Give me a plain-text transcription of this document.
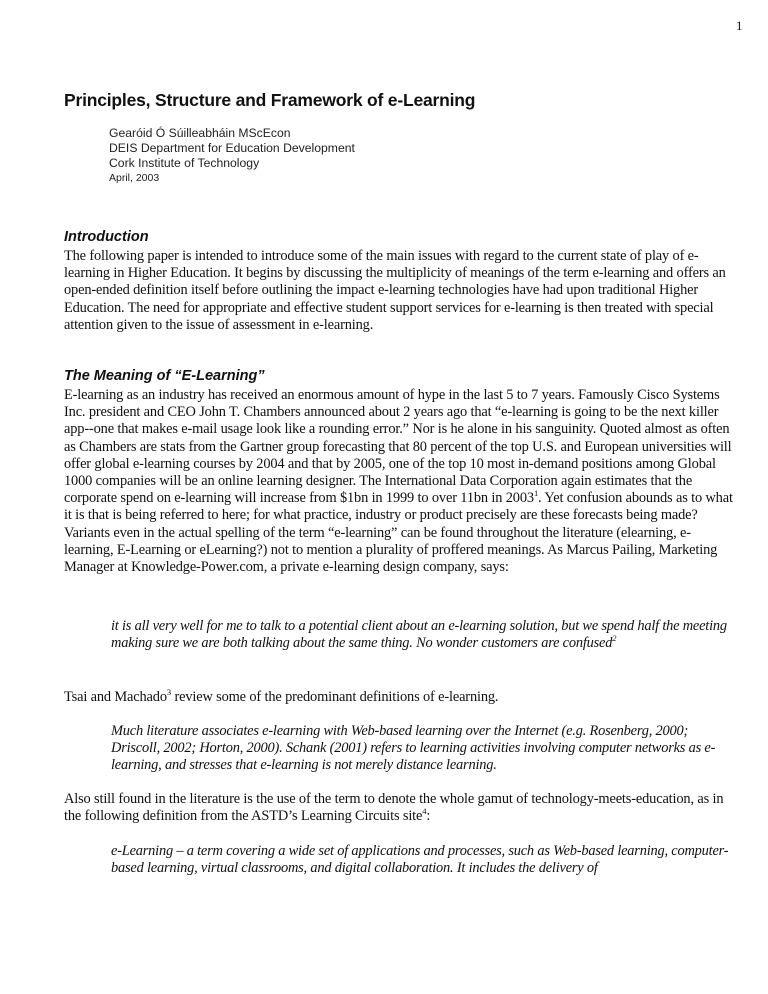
1
Principles, Structure and Framework of e-Learning
Gearóid Ó Súilleabháin MScEcon
DEIS Department for Education Development
Cork Institute of Technology
April, 2003
Introduction

The following paper is intended to introduce some of the main issues with regard to the current state of play of e-learning in Higher Education. It begins by discussing the multiplicity of meanings of the term e-learning and offers an open-ended definition itself before outlining the impact e-learning technologies have had upon traditional Higher Education. The need for appropriate and effective student support services for e-learning is then treated with special attention given to the issue of assessment in e-learning.

The Meaning of “E-Learning”

E-learning as an industry has received an enormous amount of hype in the last 5 to 7 years. Famously Cisco Systems Inc. president and CEO John T. Chambers announced about 2 years ago that “e-learning is going to be the next killer app--one that makes e-mail usage look like a rounding error.” Nor is he alone in his sanguinity. Quoted almost as often as Chambers are stats from the Gartner group forecasting that 80 percent of the top U.S. and European universities will offer global e-learning courses by 2004 and that by 2005, one of the top 10 most in-demand positions among Global 1000 companies will be an online learning designer. The International Data Corporation again estimates that the corporate spend on e-learning will increase from $1bn in 1999 to over 11bn in 2003$^1$. Yet confusion abounds as to what it is that is being referred to here; for what practice, industry or product precisely are these forecasts being made? Variants even in the actual spelling of the term “e-learning” can be found throughout the literature (elearning, e-learning, E-Learning or eLearning?) not to mention a plurality of proffered meanings. As Marcus Pailing, Marketing Manager at Knowledge-Power.com, a private e-learning design company, says:

it is all very well for me to talk to a potential client about an e-learning solution, but we spend half the meeting making sure we are both talking about the same thing. No wonder customers are confused$^2$

Tsai and Machado$^3$ review some of the predominant definitions of e-learning.

Much literature associates e-learning with Web-based learning over the Internet (e.g. Rosenberg, 2000; Driscoll, 2002; Horton, 2000). Schank (2001) refers to learning activities involving computer networks as e-learning, and stresses that e-learning is not merely distance learning.

Also still found in the literature is the use of the term to denote the whole gamut of technology-meets-education, as in the following definition from the ASTD’s Learning Circuits site$^4$:

e-Learning – a term covering a wide set of applications and processes, such as Web-based learning, computer-based learning, virtual classrooms, and digital collaboration. It includes the delivery of
